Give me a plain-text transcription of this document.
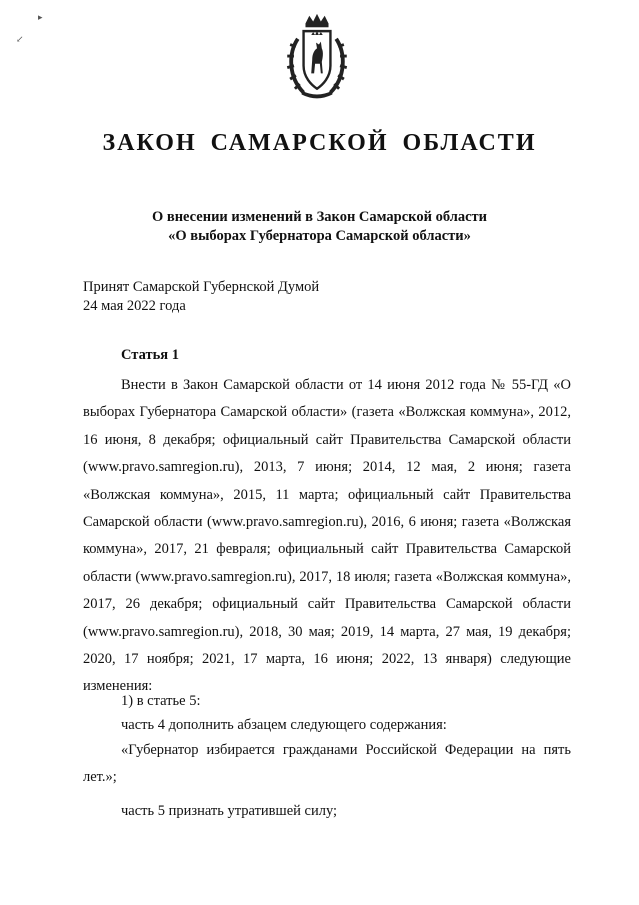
▸
↙
ЗАКОН САМАРСКОЙ ОБЛАСТИ
О внесении изменений в Закон Самарской области
«О выборах Губернатора Самарской области»
Принят Самарской Губернской Думой
24 мая 2022 года
Статья 1

Внести в Закон Самарской области от 14 июня 2012 года № 55-ГД «О выборах Губернатора Самарской области» (газета «Волжская коммуна», 2012, 16 июня, 8 декабря; официальный сайт Правительства Самарской области (www.pravo.samregion.ru), 2013, 7 июня; 2014, 12 мая, 2 июня; газета «Волжская коммуна», 2015, 11 марта; официальный сайт Правительства Самарской области (www.pravo.samregion.ru), 2016, 6 июня; газета «Волжская коммуна», 2017, 21 февраля; официальный сайт Правительства Самарской области (www.pravo.samregion.ru), 2017, 18 июля; газета «Волжская коммуна», 2017, 26 декабря; официальный сайт Правительства Самарской области (www.pravo.samregion.ru), 2018, 30 мая; 2019, 14 марта, 27 мая, 19 декабря; 2020, 17 ноября; 2021, 17 марта, 16 июня; 2022, 13 января) следующие изменения:

1) в статье 5:

часть 4 дополнить абзацем следующего содержания:

«Губернатор избирается гражданами Российской Федерации на пять лет.»;

часть 5 признать утратившей силу;
